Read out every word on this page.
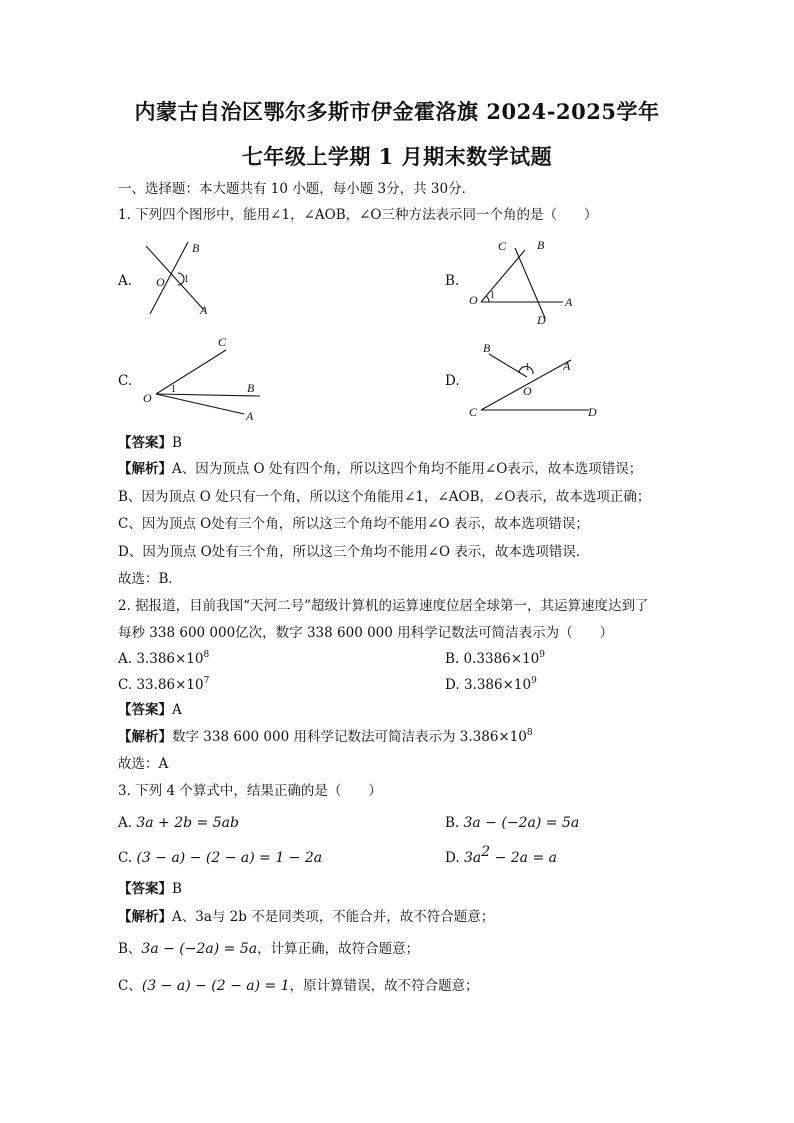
内蒙古自治区鄂尔多斯市伊金霍洛旗 2024-2025学年
七年级上学期 1 月期末数学试题
一、选择题：本大题共有 10 小题，每小题 3分，共 30分．
1. 下列四个图形中，能用∠1，∠AOB，∠O三种方法表示同一个角的是（　　）
A.
B
O 1
A
B.
C	B
O 1	A
D
C.
C
O
1	B
A
D.
B
1	A
O
C	D
【答案】B
【解析】A、因为顶点 O 处有四个角，所以这四个角均不能用∠O表示，故本选项错误；
B、因为顶点 O 处只有一个角，所以这个角能用∠1，∠AOB，∠O表示，故本选项正确；
C、因为顶点 O处有三个角，所以这三个角均不能用∠O 表示，故本选项错误；
D、因为顶点 O处有三个角，所以这三个角均不能用∠O 表示，故本选项错误．
故选：B．
2. 据报道，目前我国“天河二号”超级计算机的运算速度位居全球第一，其运算速度达到了
每秒 338 600 000亿次，数字 338 600 000 用科学记数法可简洁表示为（　　）
A. $3.386\times 10^8$	B. $0.3386\times 10^9$
C. $33.86\times 10^7$	D. $3.386\times 10^9$
【答案】A
【解析】数字 338 600 000 用科学记数法可简洁表示为 $3.386\times 10^8$
故选：A
3. 下列 4 个算式中，结果正确的是（　　）
A. 3a + 2b = 5ab	B. 3a − (−2a) = 5a
C. (3 − a) − (2 − a) = 1 − 2a	D. $3a^2 - 2a = a$
【答案】B
【解析】A、3a与 2b 不是同类项，不能合并，故不符合题意；
B、3a − (−2a) = 5a，计算正确，故符合题意；
C、(3 − a) − (2 − a) = 1，原计算错误，故不符合题意；
